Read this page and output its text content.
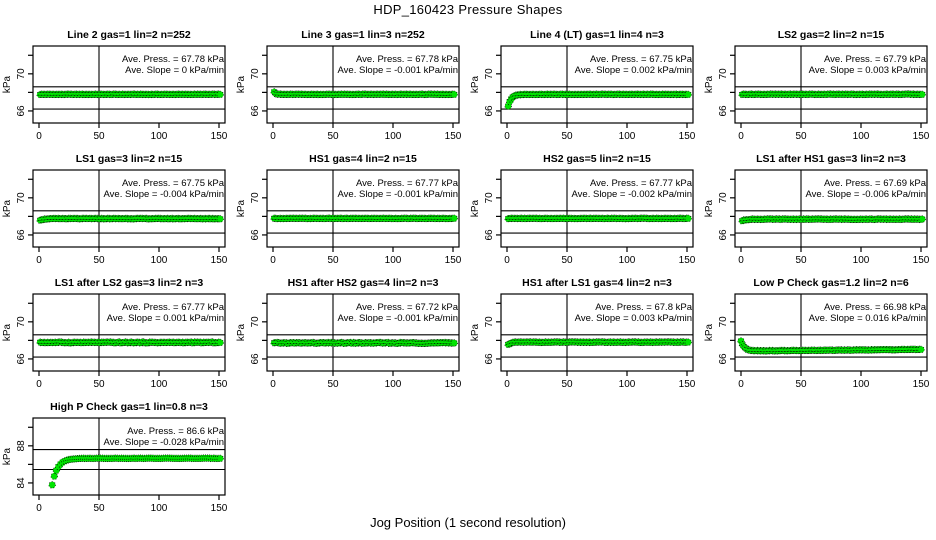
HDP_160423 Pressure Shapes
Line 2 gas=1 lin=2 n=252
66
70
kPa
0	50	100	150
Ave. Press. = 67.78 kPa
Ave. Slope = 0 kPa/min
Line 3 gas=1 lin=3 n=252
66
70
kPa
0	50	100	150
Ave. Press. = 67.78 kPa
Ave. Slope = -0.001 kPa/min
Line 4 (LT) gas=1 lin=4 n=3
66
70
kPa
0	50	100	150
Ave. Press. = 67.75 kPa
Ave. Slope = 0.002 kPa/min
LS2 gas=2 lin=2 n=15
66
70
kPa
0	50	100	150
Ave. Press. = 67.79 kPa
Ave. Slope = 0.003 kPa/min
LS1 gas=3 lin=2 n=15
66
70
kPa
0	50	100	150
Ave. Press. = 67.75 kPa
Ave. Slope = -0.004 kPa/min
HS1 gas=4 lin=2 n=15
66
70
kPa
0	50	100	150
Ave. Press. = 67.77 kPa
Ave. Slope = -0.001 kPa/min
HS2 gas=5 lin=2 n=15
66
70
kPa
0	50	100	150
Ave. Press. = 67.77 kPa
Ave. Slope = -0.002 kPa/min
LS1 after HS1 gas=3 lin=2 n=3
66
70
kPa
0	50	100	150
Ave. Press. = 67.69 kPa
Ave. Slope = -0.006 kPa/min
LS1 after LS2 gas=3 lin=2 n=3
66
70
kPa
0	50	100	150
Ave. Press. = 67.77 kPa
Ave. Slope = 0.001 kPa/min
HS1 after HS2 gas=4 lin=2 n=3
66
70
kPa
0	50	100	150
Ave. Press. = 67.72 kPa
Ave. Slope = -0.001 kPa/min
HS1 after LS1 gas=4 lin=2 n=3
66
70
kPa
0	50	100	150
Ave. Press. = 67.8 kPa
Ave. Slope = 0.003 kPa/min
Low P Check gas=1.2 lin=2 n=6
66
70
kPa
0	50	100	150
Ave. Press. = 66.98 kPa
Ave. Slope = 0.016 kPa/min
High P Check gas=1 lin=0.8 n=3
84
88
kPa
0	50	100	150
Ave. Press. = 86.6 kPa
Ave. Slope = -0.028 kPa/min
Jog Position (1 second resolution)
